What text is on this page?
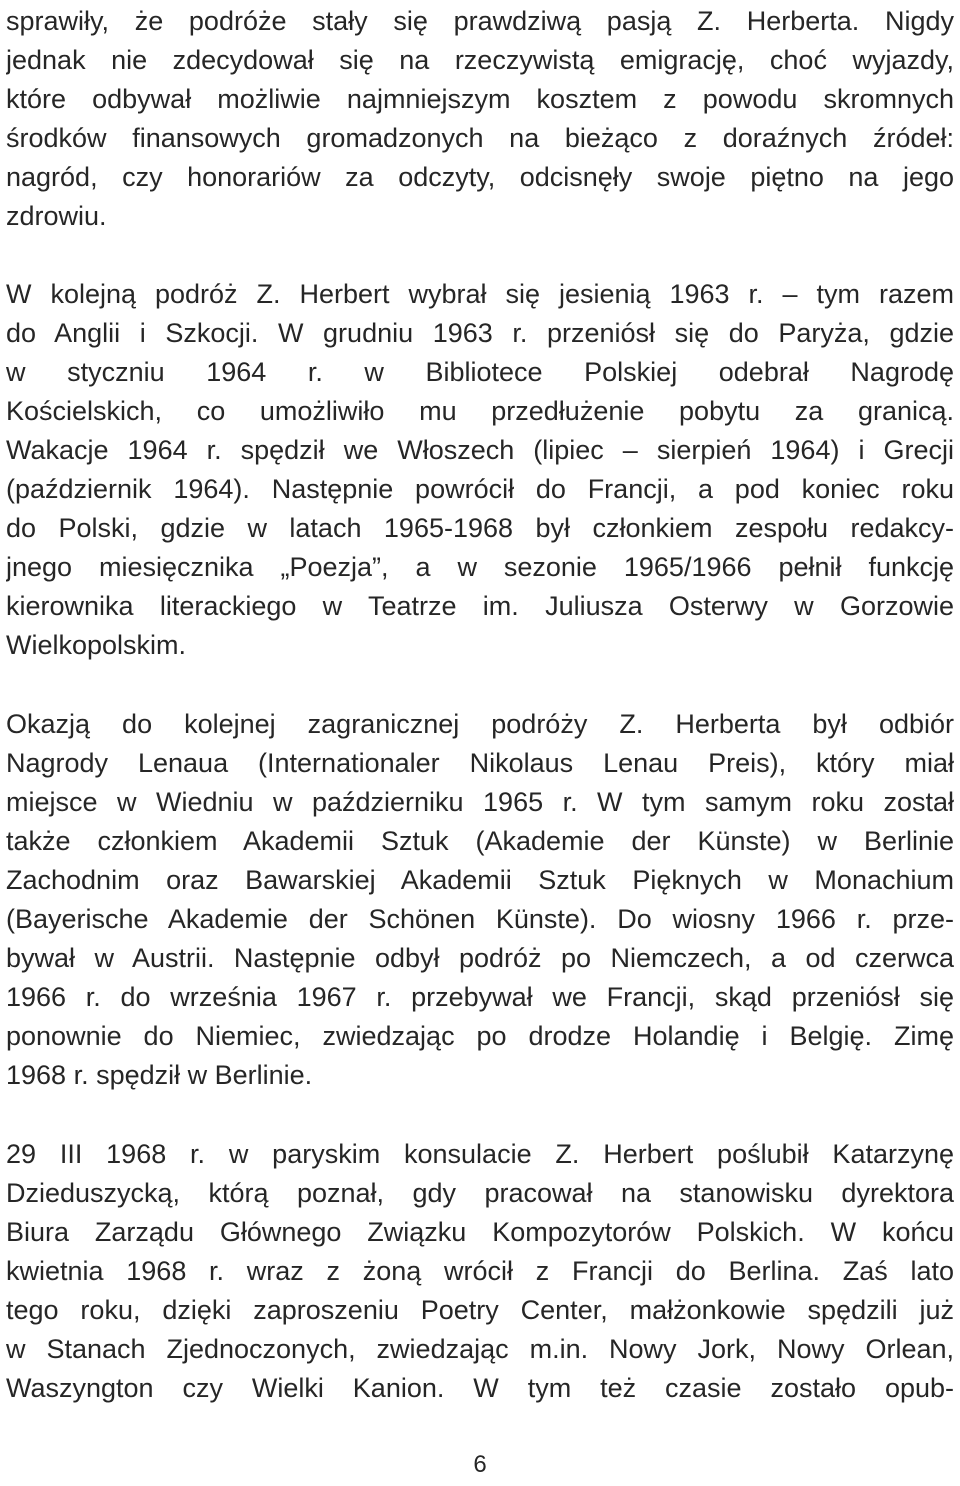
sprawiły, że podróże stały się prawdziwą pasją Z. Herberta. Nigdy
jednak nie zdecydował się na rzeczywistą emigrację, choć wyjazdy,
które odbywał możliwie najmniejszym kosztem z powodu skromnych
środków finansowych gromadzonych na bieżąco z doraźnych źródeł:
nagród, czy honorariów za odczyty, odcisnęły swoje piętno na jego
zdrowiu.
W kolejną podróż Z. Herbert wybrał się jesienią 1963 r. – tym razem
do Anglii i Szkocji. W grudniu 1963 r. przeniósł się do Paryża, gdzie
w styczniu 1964 r. w Bibliotece Polskiej odebrał Nagrodę
Kościelskich, co umożliwiło mu przedłużenie pobytu za granicą.
Wakacje 1964 r. spędził we Włoszech (lipiec – sierpień 1964) i Grecji
(październik 1964). Następnie powrócił do Francji, a pod koniec roku
do Polski, gdzie w latach 1965-1968 był członkiem zespołu redakcy-
jnego miesięcznika „Poezja”, a w sezonie 1965/1966 pełnił funkcję
kierownika literackiego w Teatrze im. Juliusza Osterwy w Gorzowie
Wielkopolskim.
Okazją do kolejnej zagranicznej podróży Z. Herberta był odbiór
Nagrody Lenaua (Internationaler Nikolaus Lenau Preis), który miał
miejsce w Wiedniu w październiku 1965 r. W tym samym roku został
także członkiem Akademii Sztuk (Akademie der Künste) w Berlinie
Zachodnim oraz Bawarskiej Akademii Sztuk Pięknych w Monachium
(Bayerische Akademie der Schönen Künste). Do wiosny 1966 r. prze-
bywał w Austrii. Następnie odbył podróż po Niemczech, a od czerwca
1966 r. do września 1967 r. przebywał we Francji, skąd przeniósł się
ponownie do Niemiec, zwiedzając po drodze Holandię i Belgię. Zimę
1968 r. spędził w Berlinie.
29 III 1968 r. w paryskim konsulacie Z. Herbert poślubił Katarzynę
Dzieduszycką, którą poznał, gdy pracował na stanowisku dyrektora
Biura Zarządu Głównego Związku Kompozytorów Polskich. W końcu
kwietnia 1968 r. wraz z żoną wrócił z Francji do Berlina. Zaś lato
tego roku, dzięki zaproszeniu Poetry Center, małżonkowie spędzili już
w Stanach Zjednoczonych, zwiedzając m.in. Nowy Jork, Nowy Orlean,
Waszyngton czy Wielki Kanion. W tym też czasie zostało opub-
6
